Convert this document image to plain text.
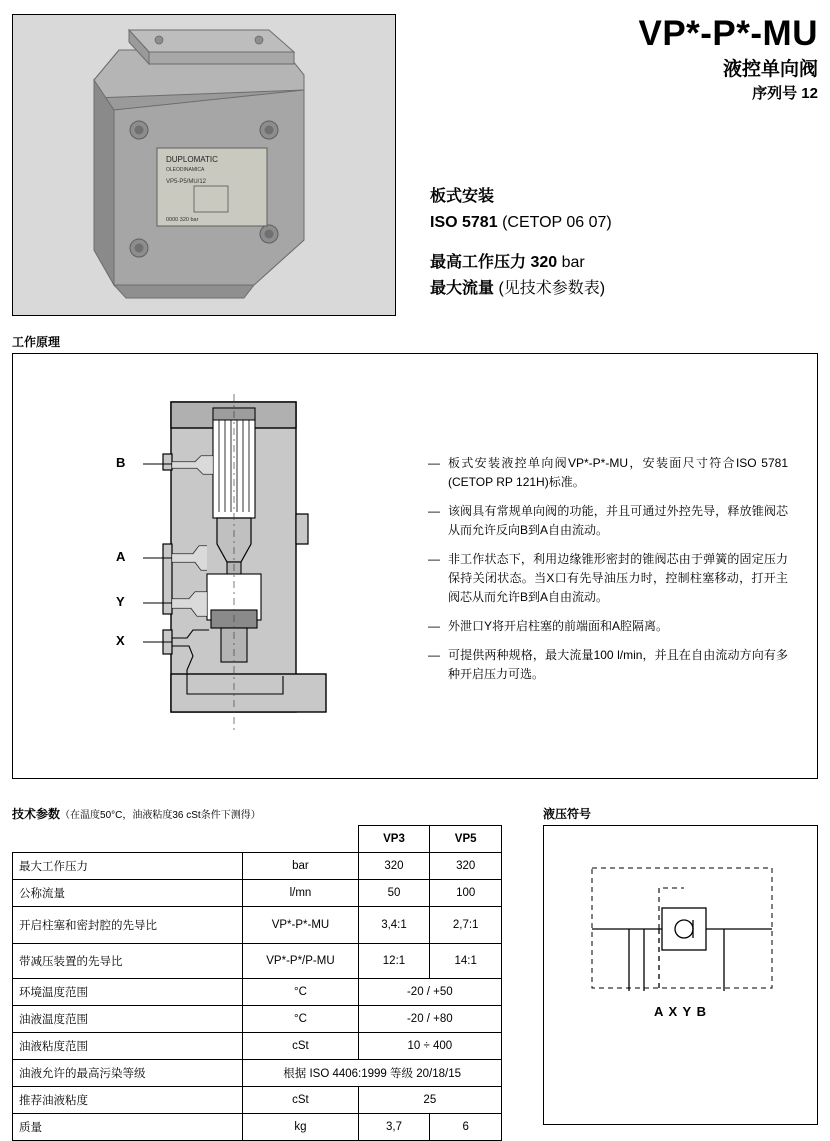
DUPLOMATIC
OLEODINAMICA
VP5-P5/MU/12
0000 320 bar
VP*-P*-MU
液控单向阀
序列号 12
板式安装
ISO 5781 (CETOP 06 07)
最高工作压力 320 bar
最大流量 (见技术参数表)
工作原理
B
A
Y
X
— 板式安装液控单向阀VP*-P*-MU，安装面尺寸符合ISO 5781 (CETOP RP 121H)标准。
— 该阀具有常规单向阀的功能，并且可通过外控先导，释放锥阀芯从而允许反向B到A自由流动。
— 非工作状态下，利用边缘锥形密封的锥阀芯由于弹簧的固定压力保持关闭状态。当X口有先导油压力时，控制柱塞移动，打开主阀芯从而允许B到A自由流动。
— 外泄口Y将开启柱塞的前端面和A腔隔离。
— 可提供两种规格，最大流量100 l/min，并且在自由流动方向有多种开启压力可选。
技术参数（在温度50°C，油液粘度36 cSt条件下测得）	液压符号
		VP3	VP5
最大工作压力	bar	320	320
公称流量	l/mn	50	100
开启柱塞和密封腔的先导比	VP*-P*-MU	3,4:1	2,7:1
带减压装置的先导比	VP*-P*/P-MU	12:1	14:1
环境温度范围	°C	-20 / +50	
油液温度范围	°C	-20 / +80	
油液粘度范围	cSt	10 ÷ 400	
油液允许的最高污染等级	根据 ISO 4406:1999 等级 20/18/15		
推荐油液粘度	cSt	25	
质量	kg	3,7	6
A X Y B
